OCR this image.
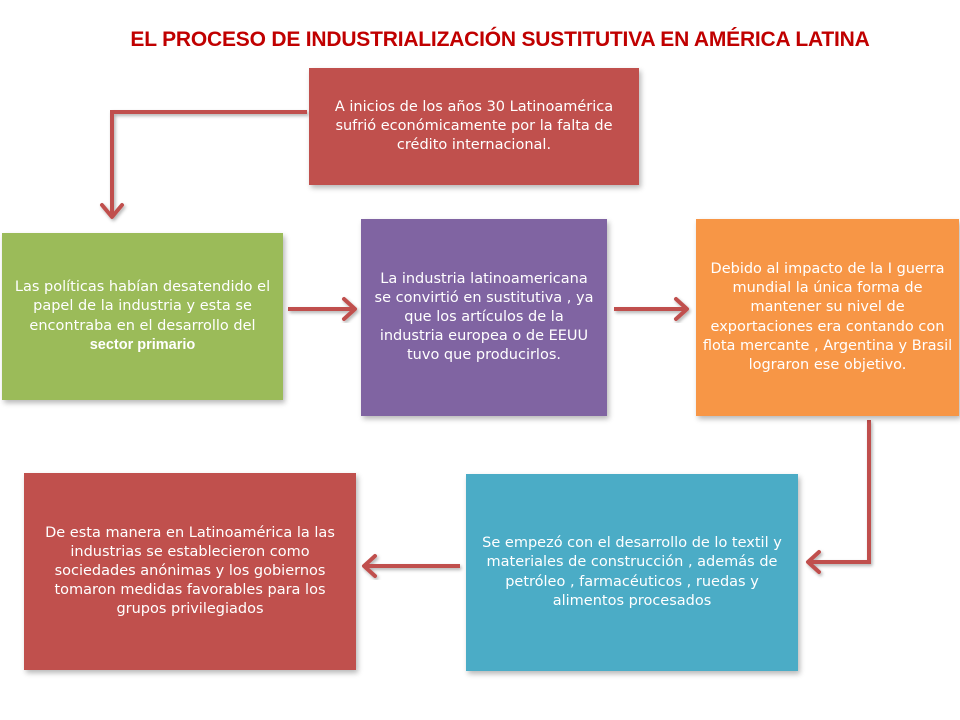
EL PROCESO DE INDUSTRIALIZACIÓN SUSTITUTIVA EN AMÉRICA LATINA
A inicios de los años 30 Latinoamérica sufrió económicamente por la falta de crédito internacional.
Las políticas habían desatendido el papel de la industria y esta se encontraba en el desarrollo del sector primario
La industria latinoamericana se convirtió en sustitutiva , ya que los artículos de la industria europea o de EEUU tuvo que producirlos.
Debido al impacto de la I guerra mundial la única forma de mantener su nivel de exportaciones era contando con flota mercante , Argentina y Brasil lograron ese objetivo.
Se empezó con el desarrollo de lo textil y materiales de construcción , además de petróleo , farmacéuticos , ruedas y alimentos procesados
De esta manera en Latinoamérica la las industrias se establecieron como sociedades anónimas y los gobiernos tomaron medidas favorables para los grupos privilegiados
